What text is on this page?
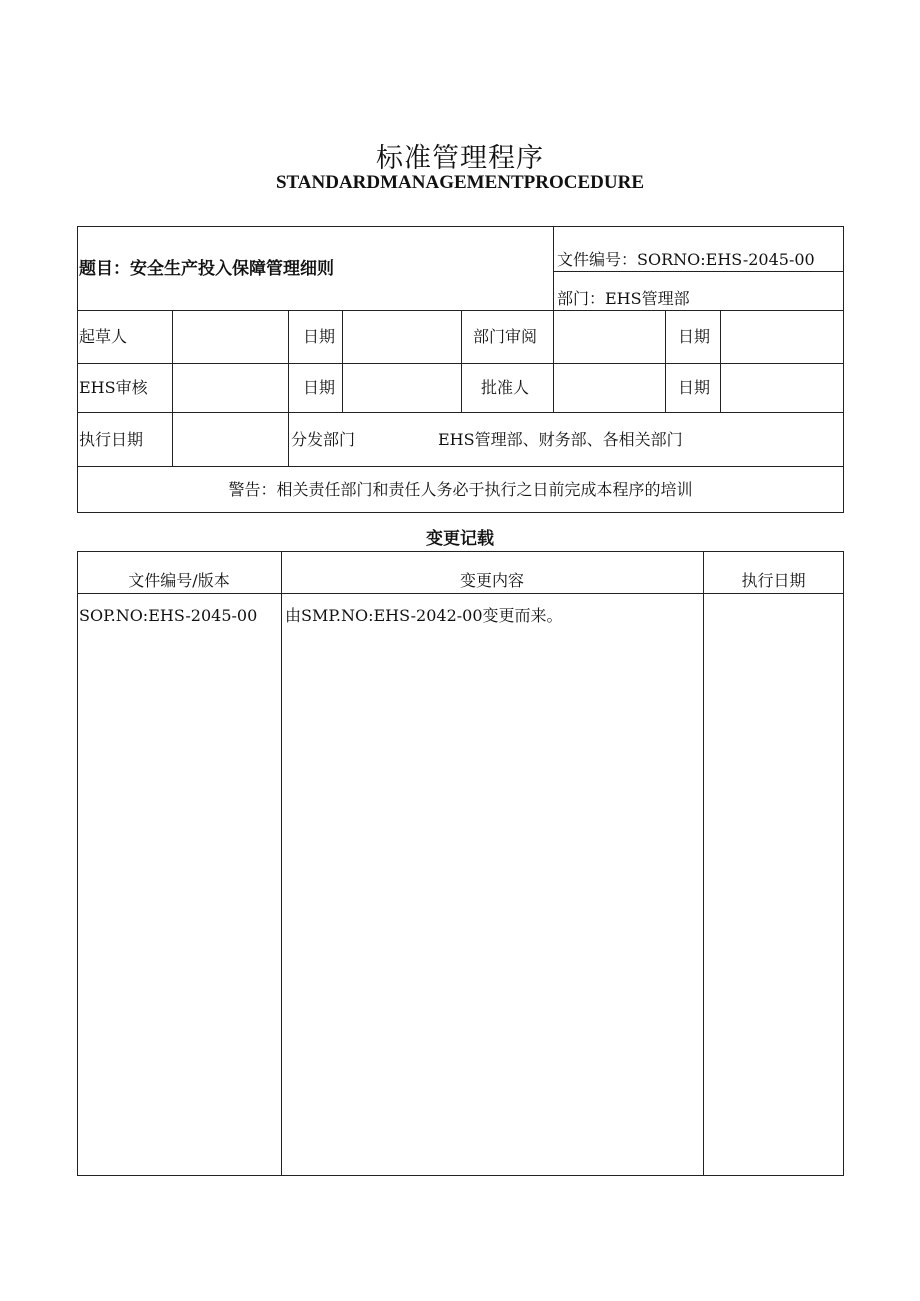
标准管理程序
STANDARDMANAGEMENTPROCEDURE
题目：安全生产投入保障管理细则	文件编号：SORNO:EHS-2045-00
部门：EHS管理部
起草人	日期	部门审阅	日期
EHS审核	日期	批准人	日期
执行日期	分发部门	EHS管理部、财务部、各相关部门
警告：相关责任部门和责任人务必于执行之日前完成本程序的培训
变更记载
文件编号/版本	变更内容	执行日期
SOP.NO:EHS-2045-00 由SMP.NO:EHS-2042-00变更而来。
